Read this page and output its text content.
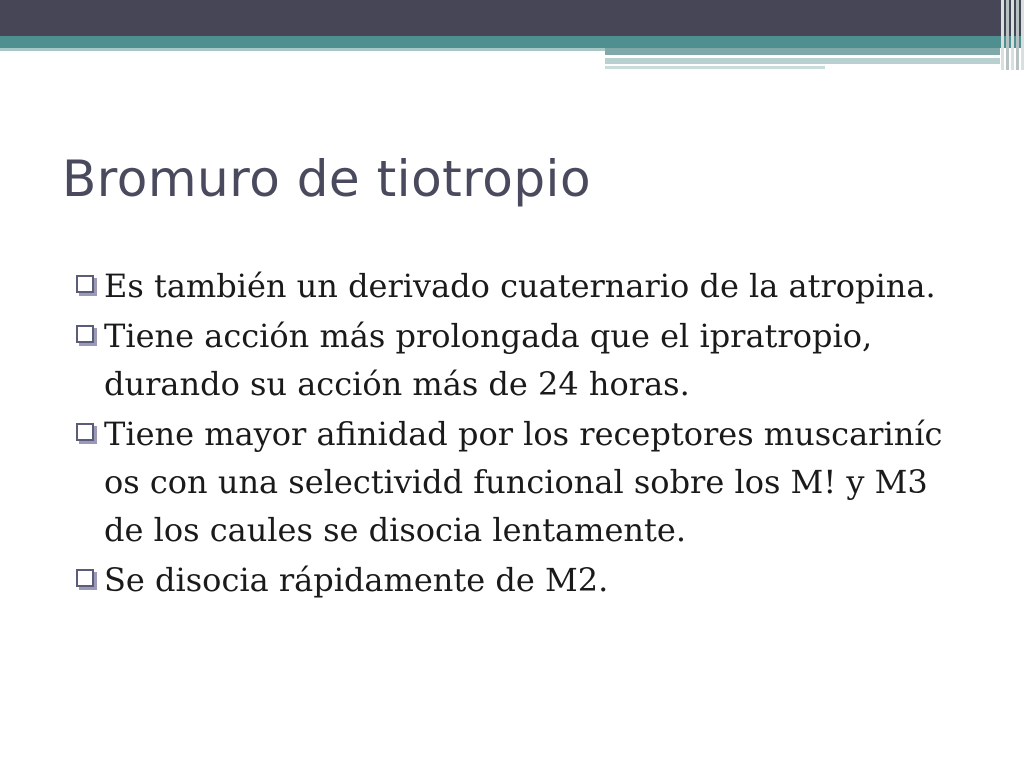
Bromuro de tiotropio
Es también un derivado cuaternario de la atropina.
Tiene acción más prolongada que el ipratropio, durando su acción más de 24 horas.
Tiene mayor afinidad por los receptores muscariníc os con una selectividd funcional sobre los M! y M3 de los caules se disocia lentamente.
Se disocia rápidamente de M2.
